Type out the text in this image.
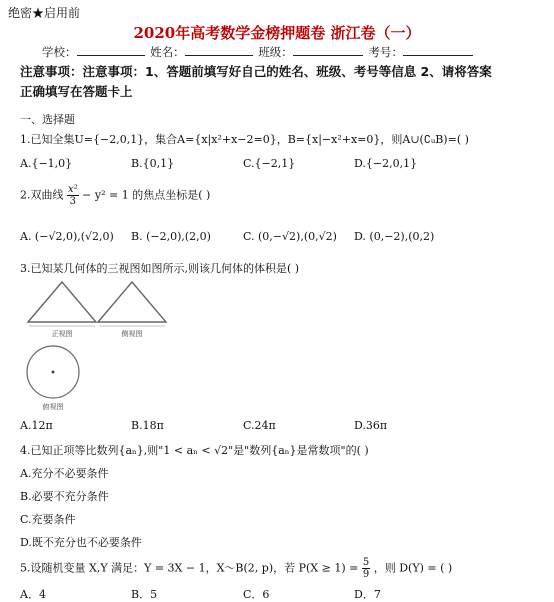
绝密★启用前
2020年高考数学金榜押题卷 浙江卷（一）
学校：	姓名：	班级：	考号：
注意事项：注意事项：1、答题前填写好自己的姓名、班级、考号等信息 2、请将答案
正确填写在答题卡上
一、选择题
1.已知全集U={−2,0,1}，集合A={x|x²+x−2=0}，B={x|−x²+x=0}，则A∪(∁ᵤB)=( )
A.{−1,0}	B.{0,1}	C.{−2,1}	D.{−2,0,1}
2.双曲线 $\frac{\text{x²}}{3} - y^2 = 1$ 的焦点坐标是( )
A. (−√2,0),(√2,0) B. (−2,0),(2,0)	C. (0,−√2),(0,√2) D. (0,−2),(0,2)
3.已知某几何体的三视图如图所示,则该几何体的体积是( )
正视图	侧视图
俯视图
A.12π	B.18π	C.24π	D.36π
4.已知正项等比数列{aₙ},则"1 < aₙ < √2"是"数列{aₙ}是常数项"的( )
A.充分不必要条件
B.必要不充分条件
C.充要条件
D.既不充分也不必要条件
5.设随机变量 X,Y 满足：Y = 3X − 1，X～B(2, p)，若 $P(X \ge 1) = \frac{5}{9}$ ，则 D(Y) = ( )
A．4	B．5	C．6	D．7
